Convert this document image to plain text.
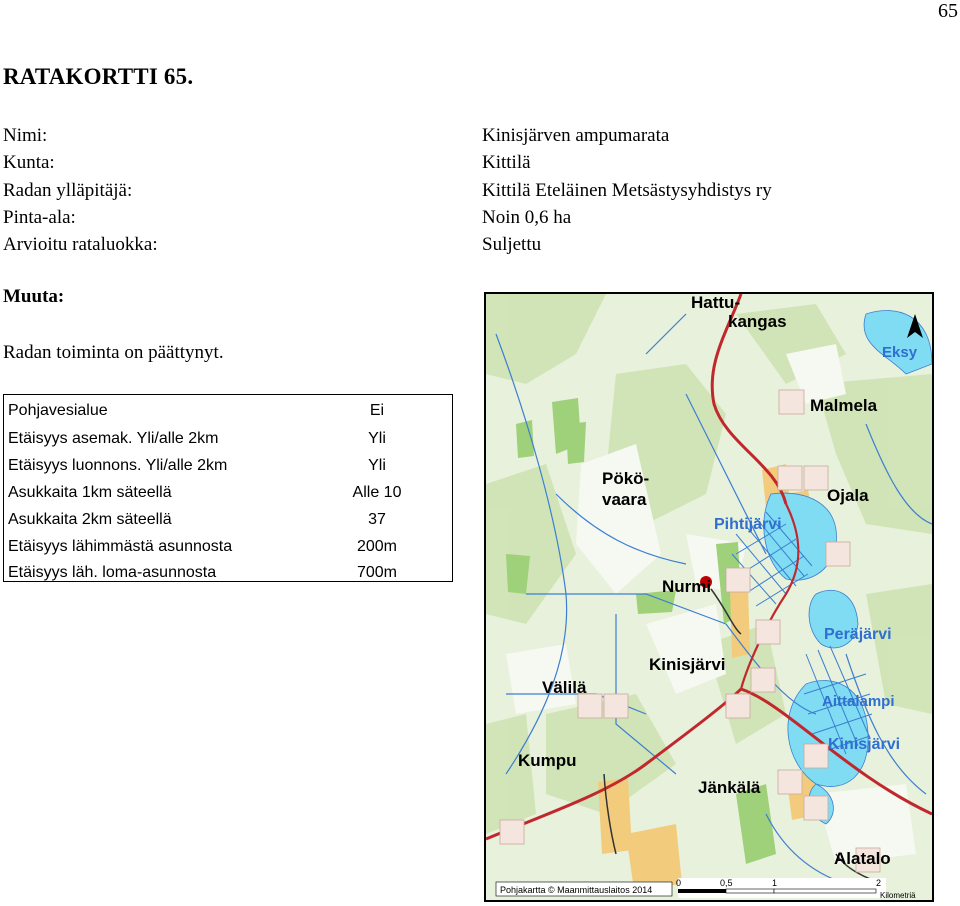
65
RATAKORTTI 65.
Nimi:	Kinisjärven ampumarata
Kunta:	Kittilä
Radan ylläpitäjä:	Kittilä Eteläinen Metsästysyhdistys ry
Pinta-ala:	Noin 0,6 ha
Arvioitu rataluokka:	Suljettu
Muuta:
Radan toiminta on päättynyt.
Pohjavesialue	Ei
Etäisyys asemak. Yli/alle 2km	Yli
Etäisyys luonnons. Yli/alle 2km	Yli
Asukkaita 1km säteellä	Alle 10
Asukkaita 2km säteellä	37
Etäisyys lähimmästä asunnosta	200m
Etäisyys läh. loma-asunnosta	700m
Hattu-
kangas
Malmela
Pökö-
vaara	Ojala
Nurmi
Kinisjärvi
Välilä
Kumpu
Jänkälä
Alatalo
Eksy
Pihtijärvi
Peräjärvi
Aittalampi
Kinisjärvi
Pohjakartta © Maanmittauslaitos 2014
0	0,5	1	2
Kilometriä
